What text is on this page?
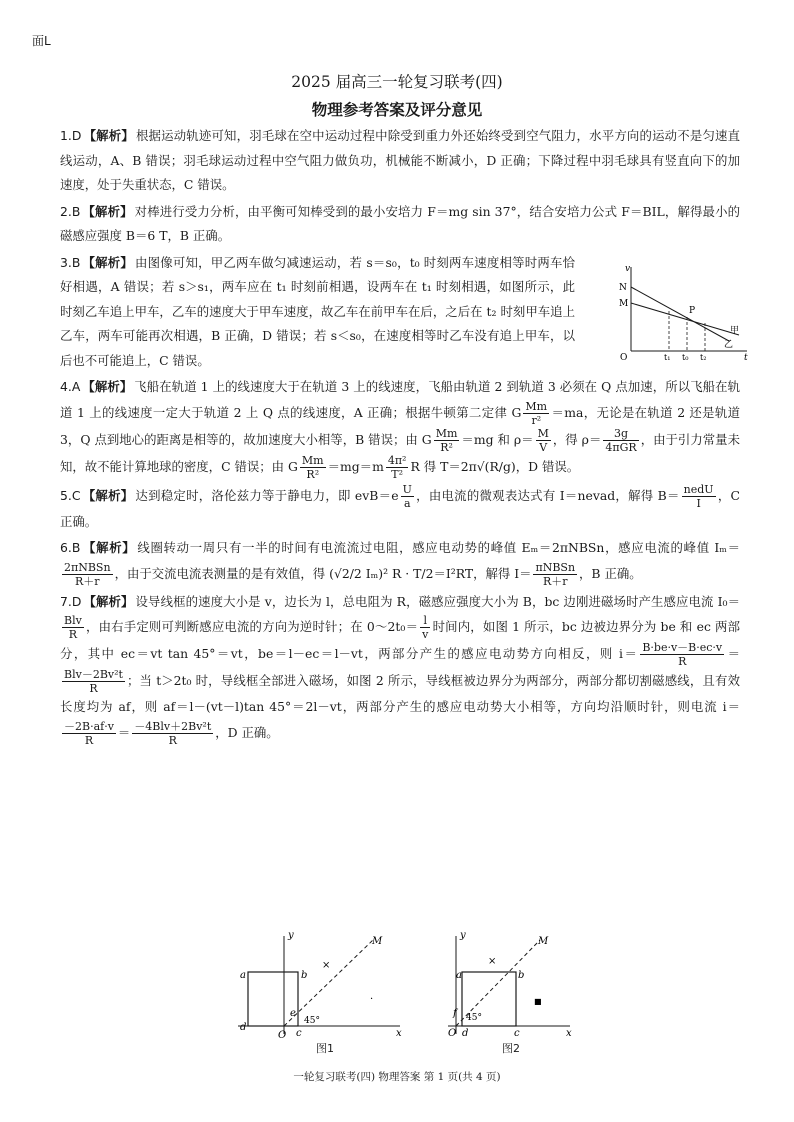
面L
2025 届高三一轮复习联考(四)
物理参考答案及评分意见

1.D 【解析】 根据运动轨迹可知，羽毛球在空中运动过程中除受到重力外还始终受到空气阻力，水平方向的运动不是匀速直线运动，A、B 错误；羽毛球运动过程中空气阻力做负功，机械能不断减小，D 正确；下降过程中羽毛球具有竖直向下的加速度，处于失重状态，C 错误。

2.B 【解析】 对棒进行受力分析，由平衡可知棒受到的最小安培力 F＝mg sin 37°，结合安培力公式 F＝BIL，解得最小的磁感应强度 B＝6 T，B 正确。

3.B 【解析】 由图像可知，甲乙两车做匀减速运动，若 s＝s₀，t₀ 时刻两车速度相等时两车恰好相遇，A 错误；若 s＞s₁，两车应在 t₁ 时刻前相遇，设两车在 t₁ 时刻相遇，如图所示，此时刻乙车追上甲车，乙车的速度大于甲车速度，故乙车在前甲车在后，之后在 t₂ 时刻甲车追上乙车，两车可能再次相遇，B 正确，D 错误；若 s＜s₀，在速度相等时乙车没有追上甲车，以后也不可能追上，C 错误。

v
t
N
M
P
O
甲
乙
t₁ t₀ t₂

4.A 【解析】 飞船在轨道 1 上的线速度大于在轨道 3 上的线速度，飞船由轨道 2 到轨道 3 必须在 Q 点加速，所以飞船在轨道 1 上的线速度一定大于轨道 2 上 Q 点的线速度，A 正确；根据牛顿第二定律 G $\frac{Mm}{\text{r²}} =ma$，无论是在轨道 2 还是轨道 3，Q 点到地心的距离是相等的，故加速度大小相等，B 错误；由 G $\frac{Mm}{\text{R²}} =mg$ 和 $\rho= \frac{M}{V}$ ，得 $\rho= \frac{3g}{\text{4πGR}}$ ，由于引力常量未知，故不能计算地球的密度，C 错误；由 G $\frac{Mm}{\text{R²}} =mg=m \frac{\text{4π²}}{\text{T²}}$ R 得 T＝2π√(R/g)，D 错误。

5.C 【解析】 达到稳定时，洛伦兹力等于静电力，即 $evB=e \frac{U}{a}$ ，由电流的微观表达式有 I＝nevad，解得 $B= \frac{\text{nedU}}{I}$ ，C 正确。

6.B 【解析】 线圈转动一周只有一半的时间有电流流过电阻，感应电动势的峰值 Eₘ＝2πNBSn，感应电流的峰值 Iₘ＝
$\frac{\text{2πNBSn}}{R+r}$ ，由于交流电流表测量的是有效值，得 (√2/2 Iₘ)² R · T/2＝I²RT，解得 $I= \frac{\text{πNBSn}}{R+r}$ ，B 正确。

7.D 【解析】 设导线框的速度大小是 v，边长为 l，总电阻为 R，磁感应强度大小为 B，bc 边刚进磁场时产生感应电流 I₀＝
$\frac{\text{Blv}}{R}$ ，由右手定则可判断感应电流的方向为逆时针；在 0～2t₀＝ $\frac{l}{v}$ 时间内，如图 1 所示，bc 边被边界分为 be 和 ec 两部分，其中 ec＝vt tan 45°＝vt，be＝l－ec＝l－vt，两部分产生的感应电动势方向相反，则 $i= \frac{B\cdot be\cdot v-B\cdot ec\cdot v}{R}$ ＝
$\frac{\text{Blv－2Bv²t}}{R}$ ；当 t＞2t₀ 时，导线框全部进入磁场，如图 2 所示，导线框被边界分为两部分，两部分都切割磁感线，且有效长度均为 af，则 af＝l－(vt－l)tan 45°＝2l－vt，两部分产生的感应电动势大小相等，方向均沿顺时针，则电流 i＝
$\frac{-2B\cdot af\cdot v}{R} = \frac{\text{－4Blv＋2Bv²t}}{R}$ ，D 正确。

y
x
M
a	b
c
d
e
O
45°
×
·
图1
y
x
M
a	b
c
d
f
O
45°
×
■
图2
一轮复习联考(四) 物理答案 第 1 页(共 4 页)
